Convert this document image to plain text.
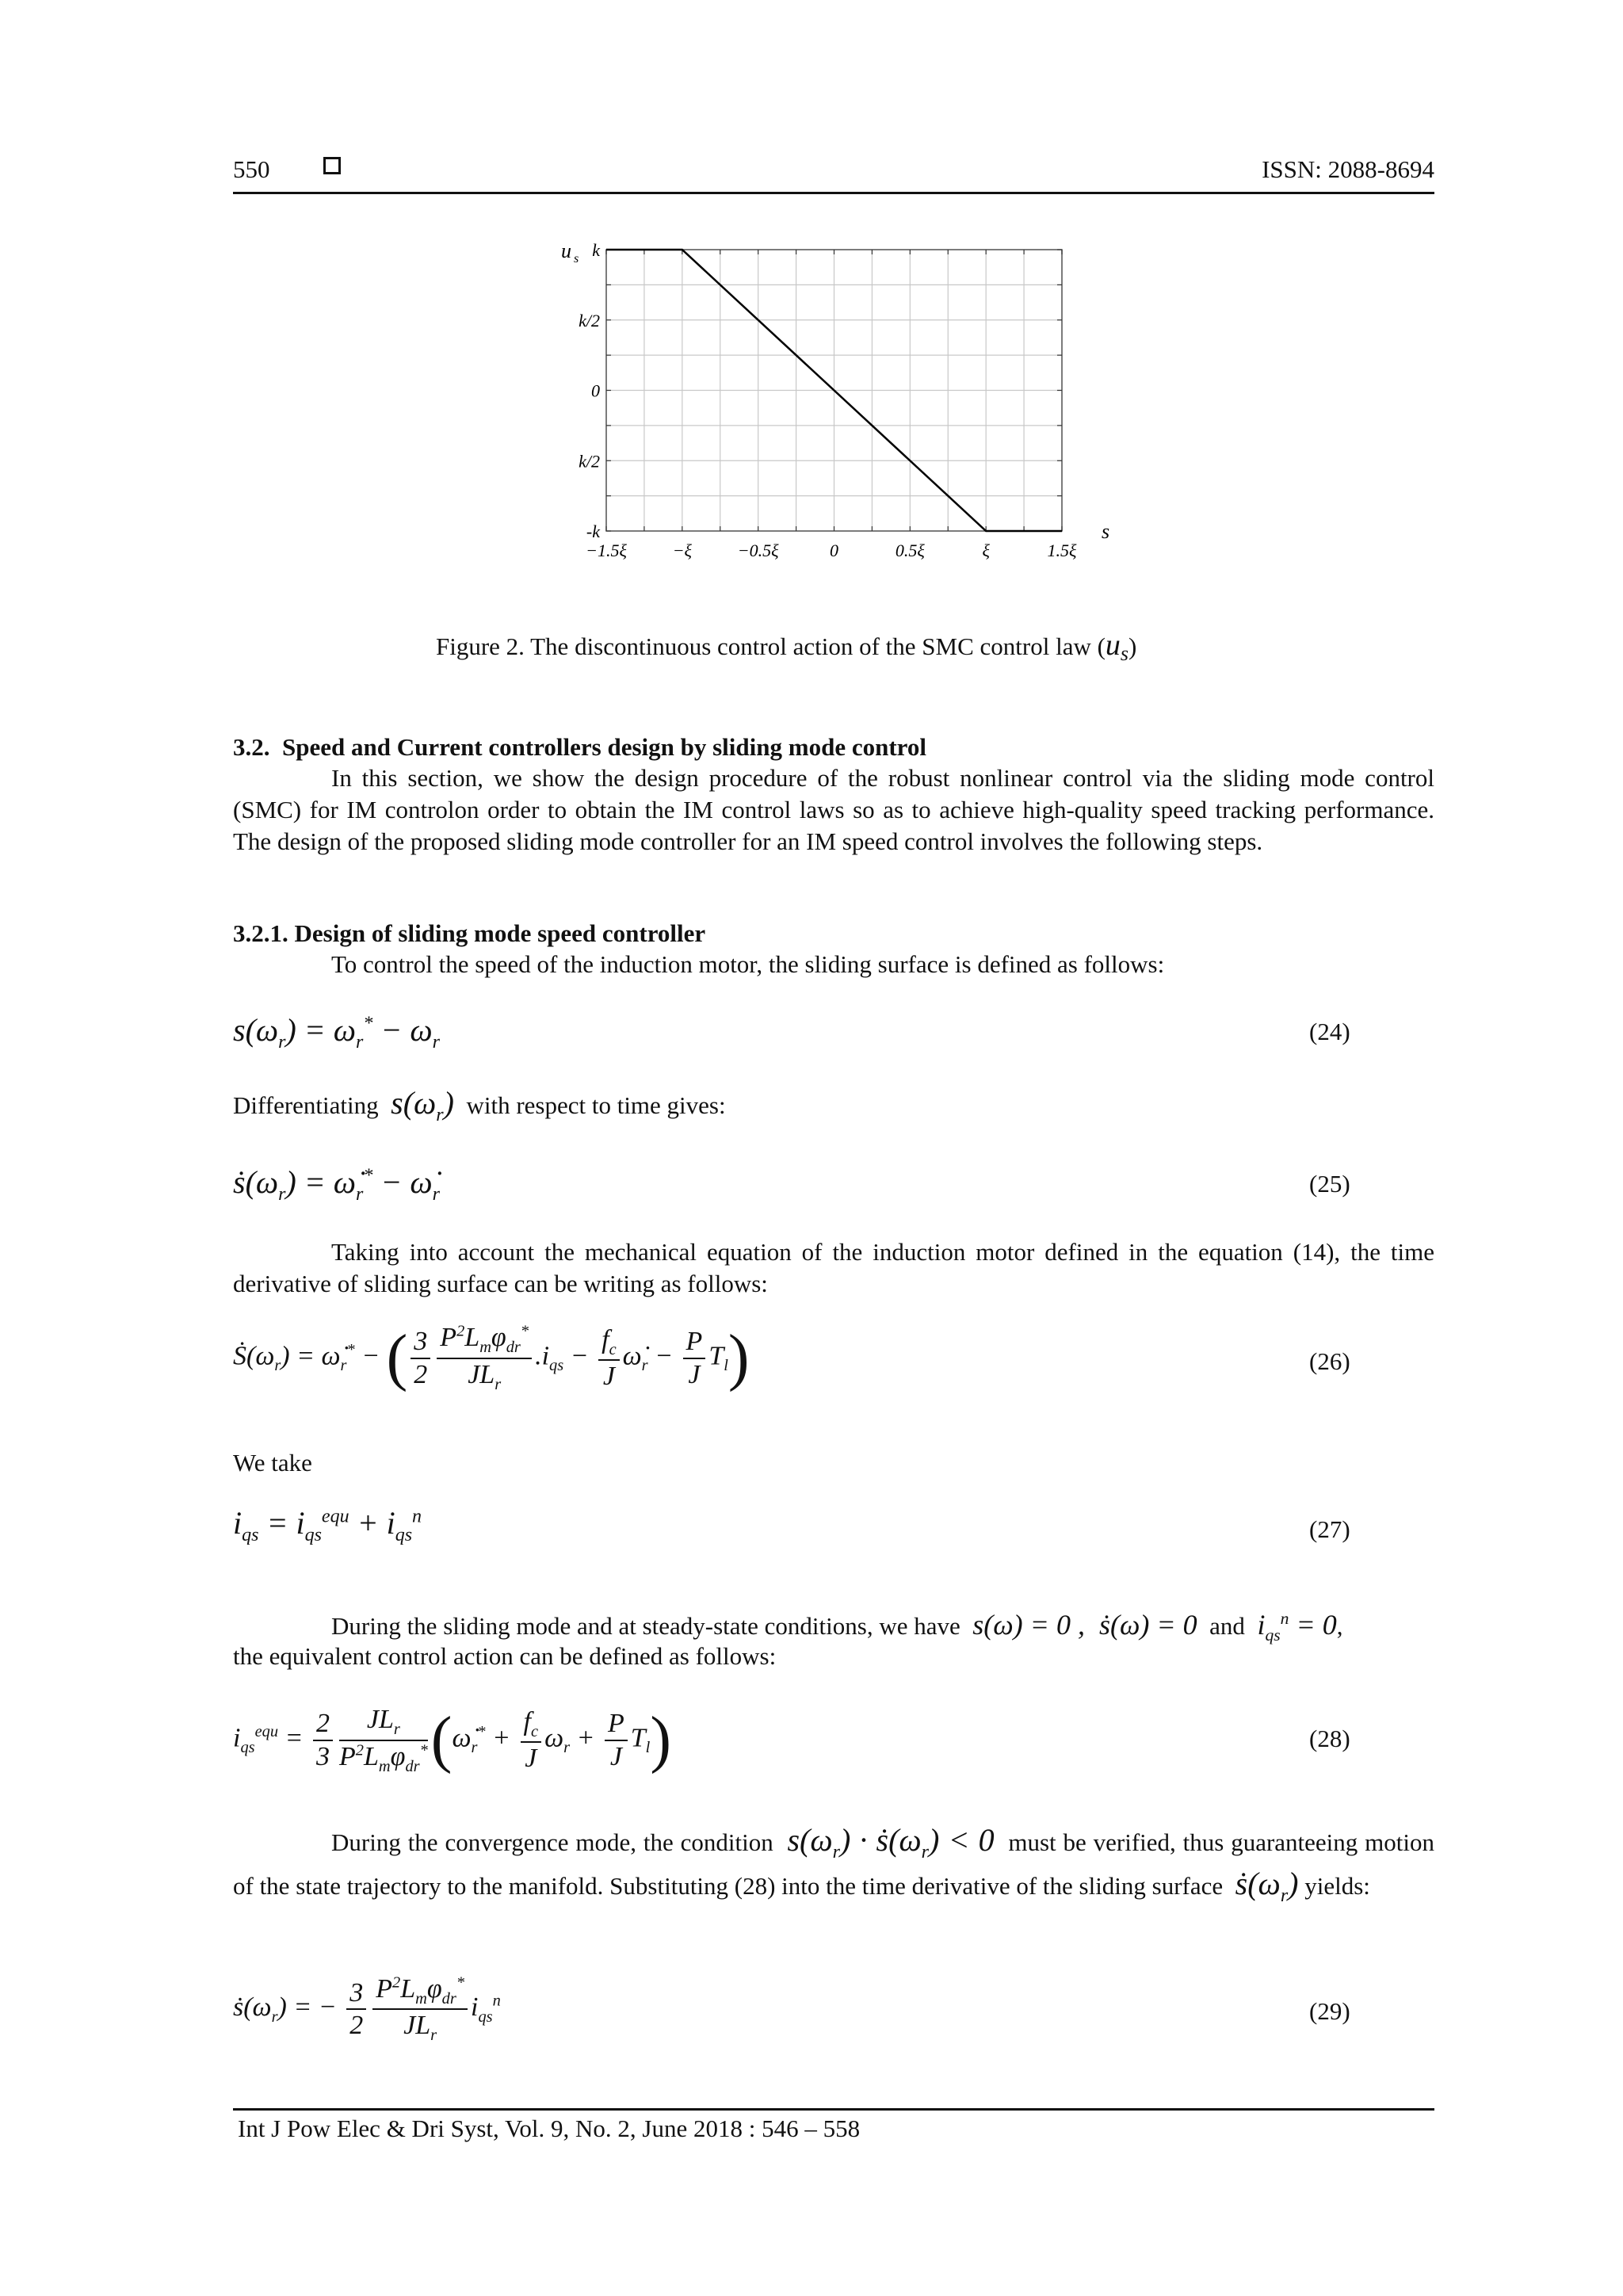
550	ISSN: 2088-8694
k
k/2
0
k/2
-k
−1.5ξ	−ξ	−0.5ξ	0	0.5ξ	ξ	1.5ξ
u s
s
Figure 2. The discontinuous control action of the SMC control law $(u_s)$
3.2.  Speed and Current controllers design by sliding mode control
In this section, we show the design procedure of the robust nonlinear control via the sliding mode control (SMC) for IM controlon order to obtain the IM control laws so as to achieve high-quality speed tracking performance. The design of the proposed sliding mode controller for an IM speed control involves the following steps.
3.2.1. Design of sliding mode speed controller
To control the speed of the induction motor, the sliding surface is defined as follows:
$s(\omega_r) = \omega_r^* - \omega_r$	(24)
Differentiating $s(\omega_r)$ with respect to time gives:
$ṡ(\omega_r)$ = $\omegȧ_r^*$ − $\omegȧ_r$	(25)
Taking into account the mechanical equation of the induction motor defined in the equation (14), the time derivative of sliding surface can be writing as follows:
$Ṡ(\omega_r)$ = $\omegȧ_r^*$ − ( $\frac{3}{2} \frac{P^2L_m\varphi_{dr}^*}{JL_r} .i_{qs} - \frac{f_c}{J}$ $\omegȧ_r - \frac{P}{J} T_l$)	(26)
We take
$i_{qs} = i_{qs}^{equ} + i_{qs}^n$	(27)
During the sliding mode and at steady-state conditions, we have s(ω) = 0 ,  ṡ(ω) = 0 and $i_{qs}^n = 0$,
the equivalent control action can be defined as follows:
$i_{qs}^{equ} = \frac{2}{3} \frac{JL_r}{P^2L_m\varphi_{dr}^*}$ $(\omegȧ_r^* + \frac{f_c}{J} \omega_r + \frac{P}{J} T_l)$	(28)
During the convergence mode, the condition $s(\omega_r)$ · $ṡ(\omega_r) < 0$ must be verified, thus guaranteeing motion of the state trajectory to the manifold. Substituting (28) into the time derivative of the sliding surface $ṡ(\omega_r)$ yields:
$ṡ(\omega_r)$ = − $\frac{3}{2} \frac{P^2L_m\varphi_{dr}^*}{JL_r} i_{qs}^n$	(29)
Int J Pow Elec & Dri Syst, Vol. 9, No. 2, June 2018 : 546 – 558
